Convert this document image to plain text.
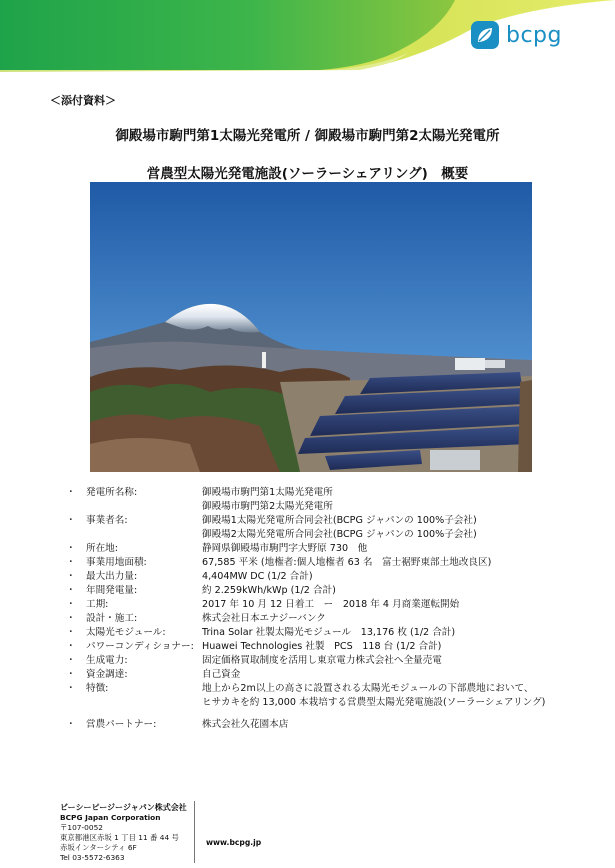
bcpg
＜添付資料＞
御殿場市駒門第1太陽光発電所 / 御殿場市駒門第2太陽光発電所
営農型太陽光発電施設(ソーラーシェアリング)　概要
・	発電所名称:	御殿場市駒門第1太陽光発電所
御殿場市駒門第2太陽光発電所
・	事業者名:	御殿場1太陽光発電所合同会社(BCPG ジャパンの 100%子会社)
御殿場2太陽光発電所合同会社(BCPG ジャパンの 100%子会社)
・	所在地:	静岡県御殿場市駒門字大野原 730　他
・	事業用地面積:	67,585 平米 (地権者:個人地権者 63 名　富士裾野東部土地改良区)
・	最大出力量:	4,404MW DC (1/2 合計)
・	年間発電量:	約 2.259kWh/kWp (1/2 合計)
・	工期:	2017 年 10 月 12 日着工　ー　2018 年 4 月商業運転開始
・	設計・施工:	株式会社日本エナジーバンク
・	太陽光モジュール:	Trina Solar 社製太陽光モジュール　13,176 枚 (1/2 合計)
・	パワーコンディショナー: Huawei Technologies 社製　PCS　118 台 (1/2 合計)
・	生成電力:	固定価格買取制度を活用し東京電力株式会社へ全量売電
・	資金調達:	自己資金
・	特徴:	地上から2m以上の高さに設置される太陽光モジュールの下部農地において、
ヒサカキを約 13,000 本栽培する営農型太陽光発電施設(ソーラーシェアリング)
・	営農パートナー:	株式会社久花園本店
ビーシーピージージャパン株式会社
BCPG Japan Corporation
〒107-0052
東京都港区赤坂 1 丁目 11 番 44 号
赤坂インターシティ 6F
Tel 03-5572-6363
www.bcpg.jp
